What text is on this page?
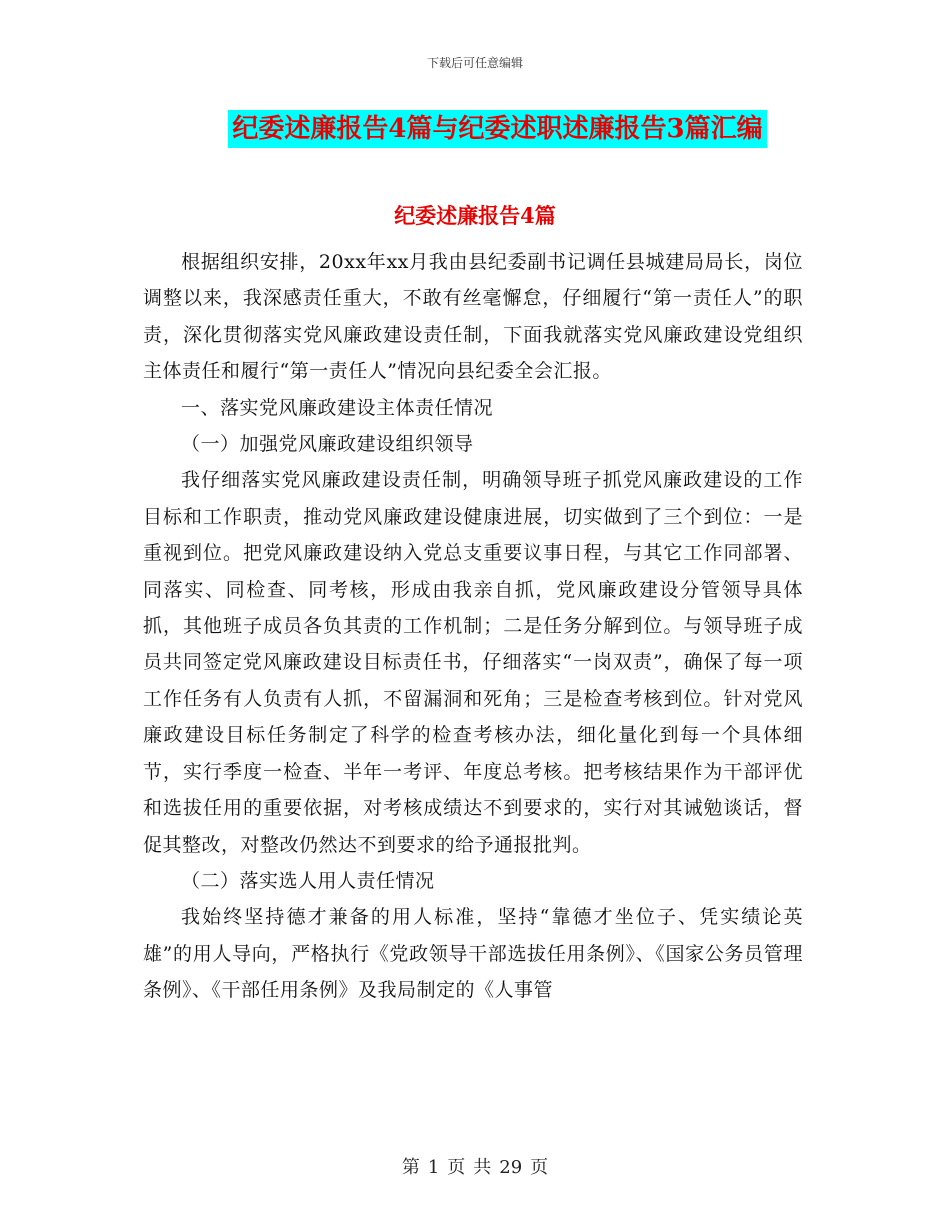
下载后可任意编辑
纪委述廉报告4篇与纪委述职述廉报告3篇汇编
纪委述廉报告4篇

根据组织安排，20xx年xx月我由县纪委副书记调任县城建局局长，岗位调整以来，我深感责任重大，不敢有丝毫懈怠，仔细履行“第一责任人”的职责，深化贯彻落实党风廉政建设责任制，下面我就落实党风廉政建设党组织主体责任和履行“第一责任人”情况向县纪委全会汇报。

一、落实党风廉政建设主体责任情况

（一）加强党风廉政建设组织领导

我仔细落实党风廉政建设责任制，明确领导班子抓党风廉政建设的工作目标和工作职责，推动党风廉政建设健康进展，切实做到了三个到位：一是重视到位。把党风廉政建设纳入党总支重要议事日程，与其它工作同部署、同落实、同检查、同考核，形成由我亲自抓，党风廉政建设分管领导具体抓，其他班子成员各负其责的工作机制；二是任务分解到位。与领导班子成员共同签定党风廉政建设目标责任书，仔细落实“一岗双责”，确保了每一项工作任务有人负责有人抓，不留漏洞和死角；三是检查考核到位。针对党风廉政建设目标任务制定了科学的检查考核办法，细化量化到每一个具体细节，实行季度一检查、半年一考评、年度总考核。把考核结果作为干部评优和选拔任用的重要依据，对考核成绩达不到要求的，实行对其诫勉谈话，督促其整改，对整改仍然达不到要求的给予通报批判。

（二）落实选人用人责任情况

我始终坚持德才兼备的用人标准，坚持“靠德才坐位子、凭实绩论英雄”的用人导向，严格执行《党政领导干部选拔任用条例》、《国家公务员管理条例》、《干部任用条例》及我局制定的《人事管

第 1 页 共 29 页
